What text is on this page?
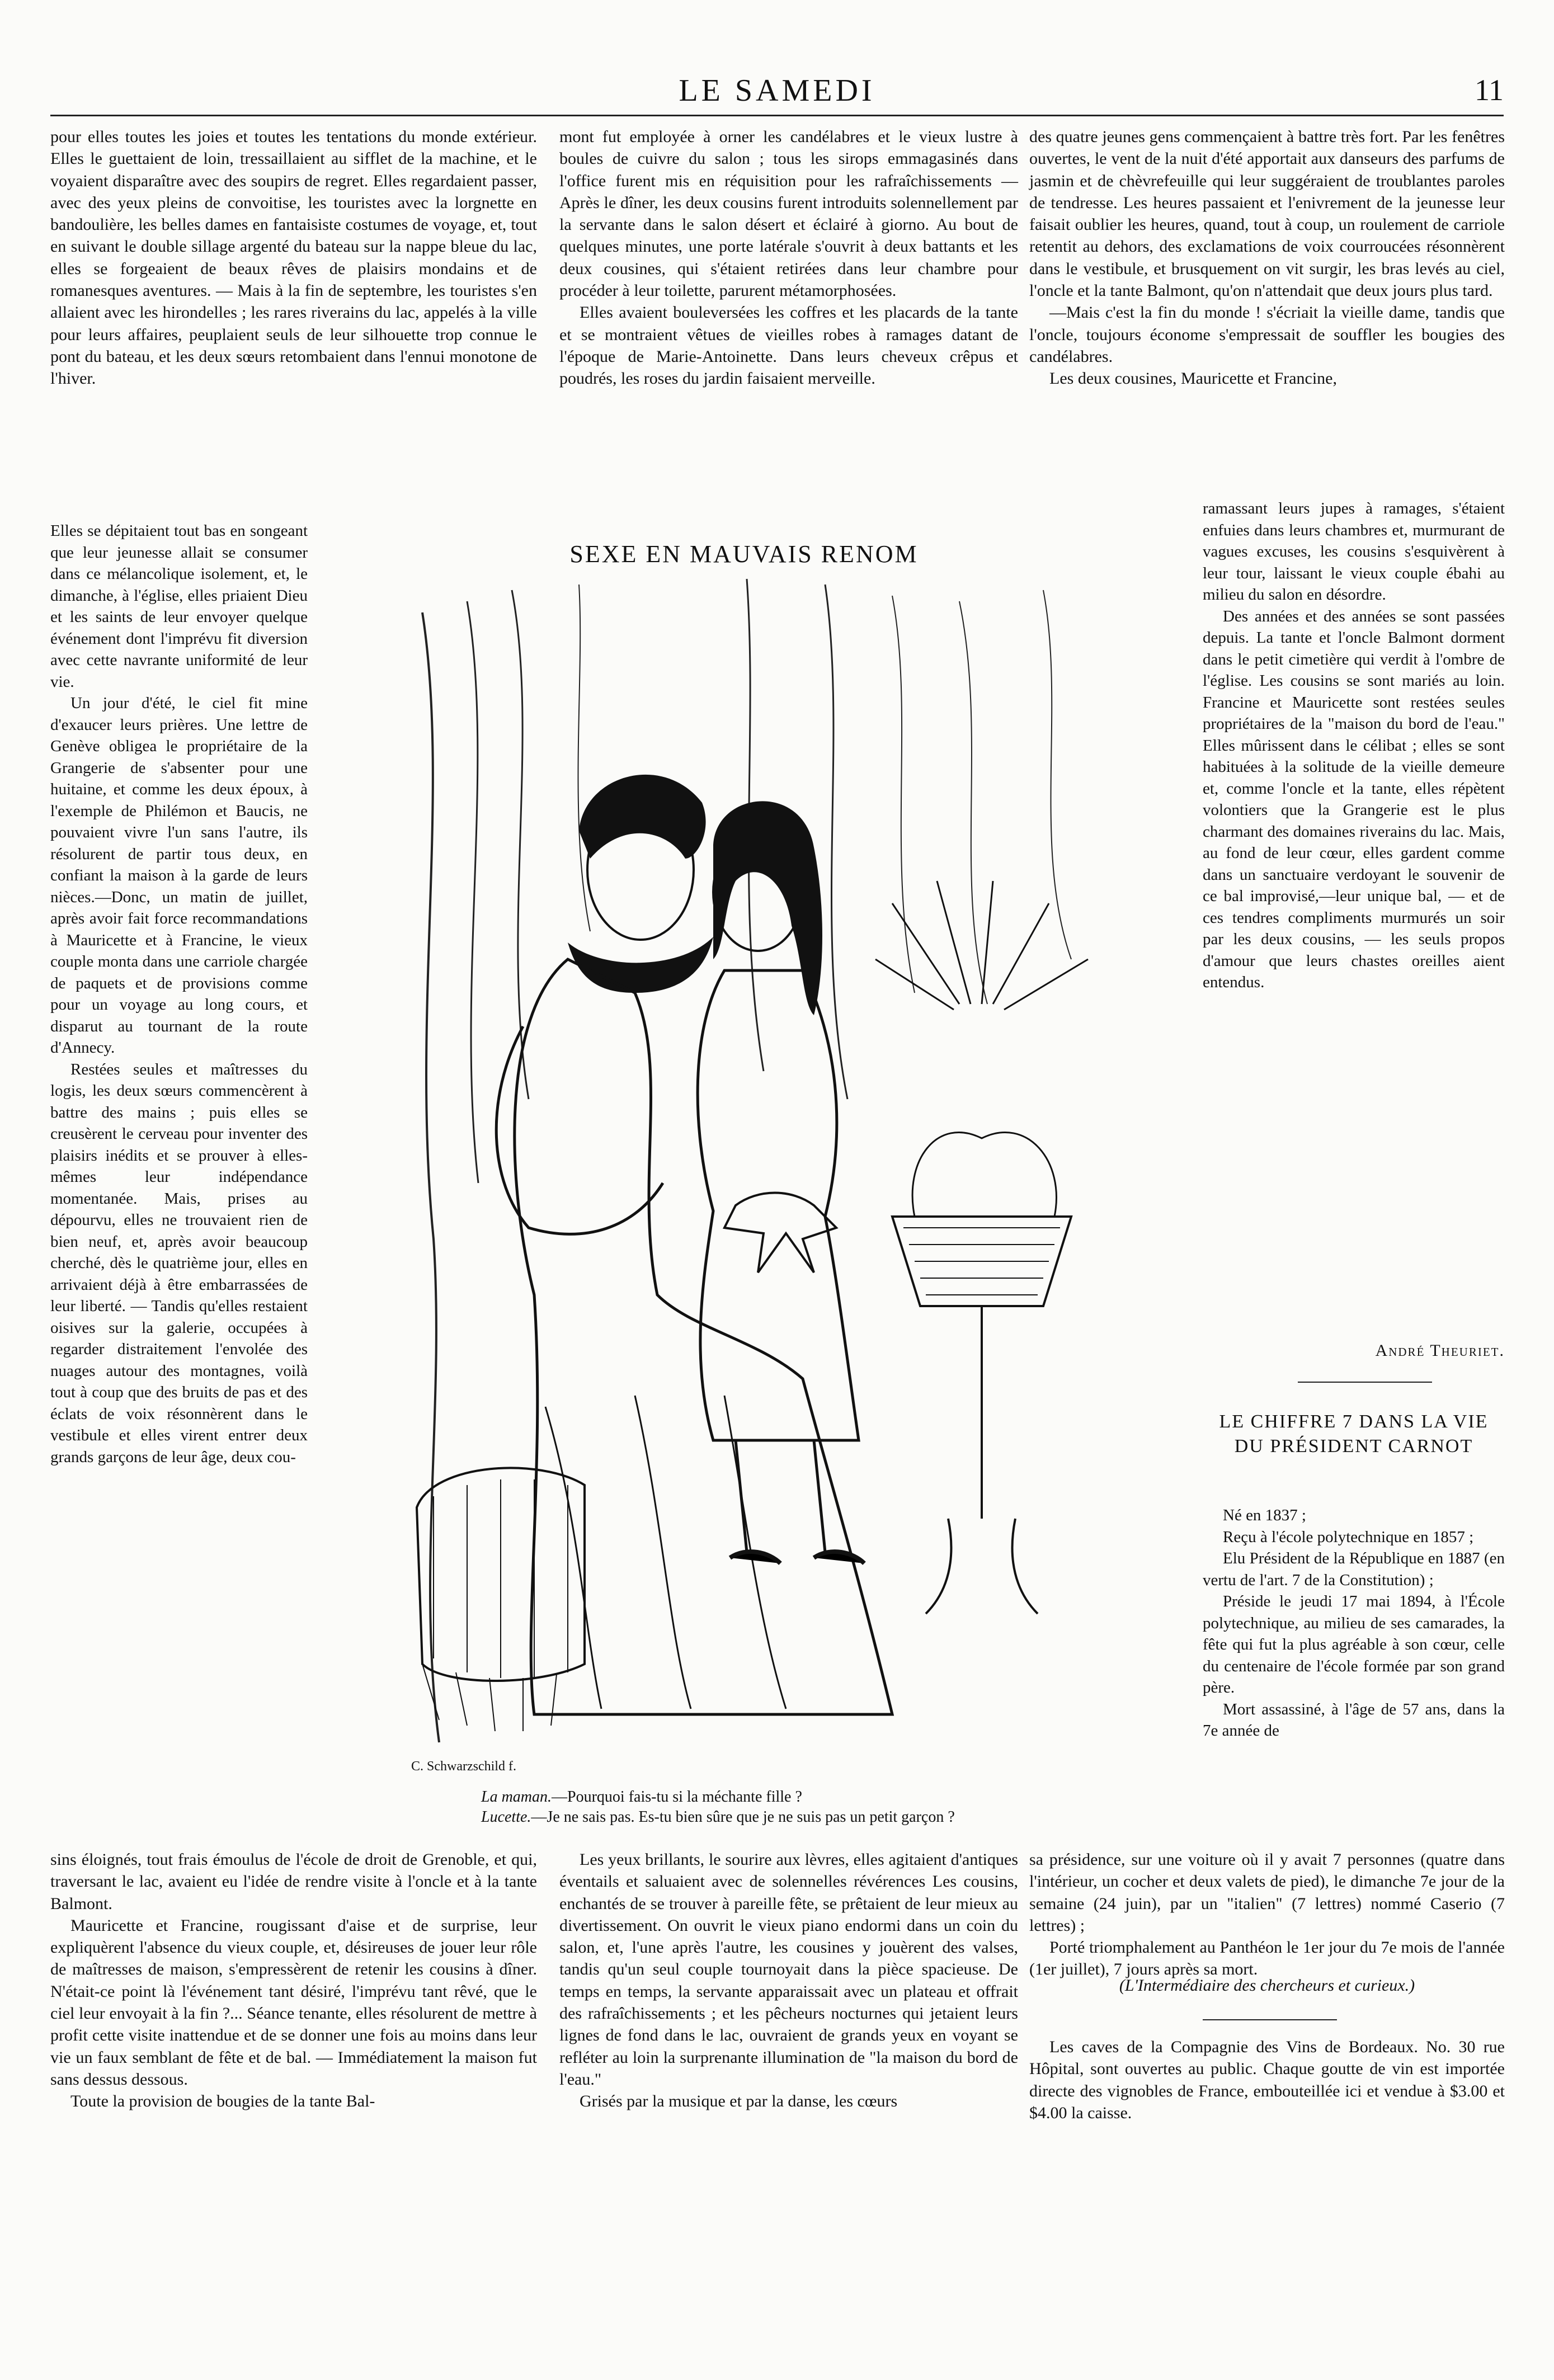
LE SAMEDI	11

pour elles toutes les joies et toutes les tentations du monde extérieur. Elles le guettaient de loin, tressaillaient au sifflet de la machine, et le voyaient disparaître avec des soupirs de regret. Elles regardaient passer, avec des yeux pleins de convoitise, les touristes avec la lorgnette en bandoulière, les belles dames en fantaisiste costumes de voyage, et, tout en suivant le double sillage argenté du bateau sur la nappe bleue du lac, elles se forgeaient de beaux rêves de plaisirs mondains et de romanesques aventures. — Mais à la fin de septembre, les touristes s'en allaient avec les hirondelles ; les rares riverains du lac, appelés à la ville pour leurs affaires, peuplaient seuls de leur silhouette trop connue le pont du bateau, et les deux sœurs retombaient dans l'ennui monotone de l'hiver.

Elles se dépitaient tout bas en songeant que leur jeunesse allait se consumer dans ce mélancolique isolement, et, le dimanche, à l'église, elles priaient Dieu et les saints de leur envoyer quelque événement dont l'imprévu fit diversion avec cette navrante uniformité de leur vie.

Un jour d'été, le ciel fit mine d'exaucer leurs prières. Une lettre de Genève obligea le propriétaire de la Grangerie de s'absenter pour une huitaine, et comme les deux époux, à l'exemple de Philémon et Baucis, ne pouvaient vivre l'un sans l'autre, ils résolurent de partir tous deux, en confiant la maison à la garde de leurs nièces.—Donc, un matin de juillet, après avoir fait force recommandations à Mauricette et à Francine, le vieux couple monta dans une carriole chargée de paquets et de provisions comme pour un voyage au long cours, et disparut au tournant de la route d'Annecy.

Restées seules et maîtresses du logis, les deux sœurs commencèrent à battre des mains ; puis elles se creusèrent le cerveau pour inventer des plaisirs inédits et se prouver à elles-mêmes leur indépendance momentanée. Mais, prises au dépourvu, elles ne trouvaient rien de bien neuf, et, après avoir beaucoup cherché, dès le quatrième jour, elles en arrivaient déjà à être embarrassées de leur liberté. — Tandis qu'elles restaient oisives sur la galerie, occupées à regarder distraitement l'envolée des nuages autour des montagnes, voilà tout à coup que des bruits de pas et des éclats de voix résonnèrent dans le vestibule et elles virent entrer deux grands garçons de leur âge, deux cou-

sins éloignés, tout frais émoulus de l'école de droit de Grenoble, et qui, traversant le lac, avaient eu l'idée de rendre visite à l'oncle et à la tante Balmont.

Mauricette et Francine, rougissant d'aise et de surprise, leur expliquèrent l'absence du vieux couple, et, désireuses de jouer leur rôle de maîtresses de maison, s'empressèrent de retenir les cousins à dîner. N'était-ce point là l'événement tant désiré, l'imprévu tant rêvé, que le ciel leur envoyait à la fin ?... Séance tenante, elles résolurent de mettre à profit cette visite inattendue et de se donner une fois au moins dans leur vie un faux semblant de fête et de bal. — Immédiatement la maison fut sans dessus dessous.

Toute la provision de bougies de la tante Bal-

mont fut employée à orner les candélabres et le vieux lustre à boules de cuivre du salon ; tous les sirops emmagasinés dans l'office furent mis en réquisition pour les rafraîchissements — Après le dîner, les deux cousins furent introduits solennellement par la servante dans le salon désert et éclairé à giorno. Au bout de quelques minutes, une porte latérale s'ouvrit à deux battants et les deux cousines, qui s'étaient retirées dans leur chambre pour procéder à leur toilette, parurent métamorphosées.

Elles avaient bouleversées les coffres et les placards de la tante et se montraient vêtues de vieilles robes à ramages datant de l'époque de Marie-Antoinette. Dans leurs cheveux crêpus et poudrés, les roses du jardin faisaient merveille.

SEXE EN MAUVAIS RENOM
C. Schwarzschild f.
La maman.—Pourquoi fais-tu si la méchante fille ?
Lucette.—Je ne sais pas. Es-tu bien sûre que je ne suis pas un petit garçon ?

Les yeux brillants, le sourire aux lèvres, elles agitaient d'antiques éventails et saluaient avec de solennelles révérences Les cousins, enchantés de se trouver à pareille fête, se prêtaient de leur mieux au divertissement. On ouvrit le vieux piano endormi dans un coin du salon, et, l'une après l'autre, les cousines y jouèrent des valses, tandis qu'un seul couple tournoyait dans la pièce spacieuse. De temps en temps, la servante apparaissait avec un plateau et offrait des rafraîchissements ; et les pêcheurs nocturnes qui jetaient leurs lignes de fond dans le lac, ouvraient de grands yeux en voyant se refléter au loin la surprenante illumination de "la maison du bord de l'eau."

Grisés par la musique et par la danse, les cœurs

des quatre jeunes gens commençaient à battre très fort. Par les fenêtres ouvertes, le vent de la nuit d'été apportait aux danseurs des parfums de jasmin et de chèvrefeuille qui leur suggéraient de troublantes paroles de tendresse. Les heures passaient et l'enivrement de la jeunesse leur faisait oublier les heures, quand, tout à coup, un roulement de carriole retentit au dehors, des exclamations de voix courroucées résonnèrent dans le vestibule, et brusquement on vit surgir, les bras levés au ciel, l'oncle et la tante Balmont, qu'on n'attendait que deux jours plus tard.

—Mais c'est la fin du monde ! s'écriait la vieille dame, tandis que l'oncle, toujours économe s'empressait de souffler les bougies des candélabres.

Les deux cousines, Mauricette et Francine,

ramassant leurs jupes à ramages, s'étaient enfuies dans leurs chambres et, murmurant de vagues excuses, les cousins s'esquivèrent à leur tour, laissant le vieux couple ébahi au milieu du salon en désordre.

Des années et des années se sont passées depuis. La tante et l'oncle Balmont dorment dans le petit cimetière qui verdit à l'ombre de l'église. Les cousins se sont mariés au loin. Francine et Mauricette sont restées seules propriétaires de la "maison du bord de l'eau." Elles mûrissent dans le célibat ; elles se sont habituées à la solitude de la vieille demeure et, comme l'oncle et la tante, elles répètent volontiers que la Grangerie est le plus charmant des domaines riverains du lac. Mais, au fond de leur cœur, elles gardent comme dans un sanctuaire verdoyant le souvenir de ce bal improvisé,—leur unique bal, — et de ces tendres compliments murmurés un soir par les deux cousins, — les seuls propos d'amour que leurs chastes oreilles aient entendus.

André Theuriet.
LE CHIFFRE 7 DANS LA VIE DU PRÉSIDENT CARNOT

Né en 1837 ;

Reçu à l'école polytechnique en 1857 ;

Elu Président de la République en 1887 (en vertu de l'art. 7 de la Constitution) ;

Préside le jeudi 17 mai 1894, à l'École polytechnique, au milieu de ses camarades, la fête qui fut la plus agréable à son cœur, celle du centenaire de l'école formée par son grand père.

Mort assassiné, à l'âge de 57 ans, dans la 7e année de

sa présidence, sur une voiture où il y avait 7 personnes (quatre dans l'intérieur, un cocher et deux valets de pied), le dimanche 7e jour de la semaine (24 juin), par un "italien" (7 lettres) nommé Caserio (7 lettres) ;

Porté triomphalement au Panthéon le 1er jour du 7e mois de l'année (1er juillet), 7 jours après sa mort.

(L'Intermédiaire des chercheurs et curieux.)

Les caves de la Compagnie des Vins de Bordeaux. No. 30 rue Hôpital, sont ouvertes au public. Chaque goutte de vin est importée directe des vignobles de France, embouteillée ici et vendue à $3.00 et $4.00 la caisse.
